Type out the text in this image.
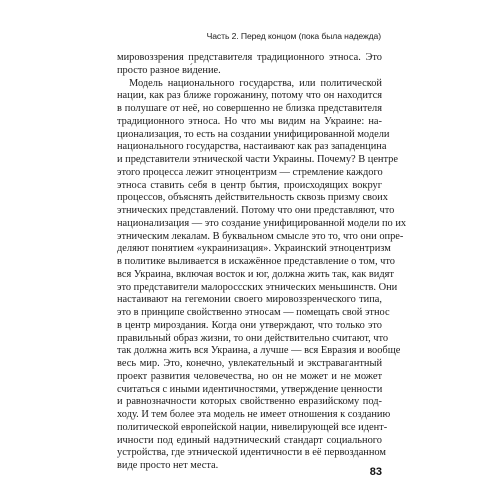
Часть 2. Перед концом (пока была надежда)
мировоззрения представителя традиционного этноса. Это
просто разное ви́дение.
Модель национального государства, или политической
нации, как раз ближе горожанину, потому что он находится
в полушаге от неё, но совершенно не близка представителя
традиционного этноса. Но что мы видим на Украине: на-
ционализация, то есть на создании унифицированной модели
национального государства, настаивают как раз западенцина
и представители этнической части Украины. Почему? В центре
этого процесса лежит этноцентризм — стремление каждого
этноса ставить себя в центр бытия, происходящих вокруг
процессов, объяснять действительность сквозь призму своих
этнических представлений. Потому что они представляют, что
национализация — это создание унифицированной модели по их
этническим лекалам. В буквальном смысле это то, что они опре-
деляют понятием «украинизация». Украинский этноцентризм
в политике выливается в искажённое представление о том, что
вся Украина, включая восток и юг, должна жить так, как видят
это представители малороссских этнических меньшинств. Они
настаивают на гегемонии своего мировоззренческого типа,
это в принципе свойственно этносам — помещать свой этнос
в центр мироздания. Когда они утверждают, что только это
правильный образ жизни, то они действительно считают, что
так должна жить вся Украина, а лучше — вся Евразия и вообще
весь мир. Это, конечно, увлекательный и экстравагантный
проект развития человечества, но он не может и не может
считаться с иными идентичностями, утверждение ценности
и равнозначности которых свойственно евразийскому под-
ходу. И тем более эта модель не имеет отношения к созданию
политической европейской нации, нивелирующей все идент-
ичности под единый надэтнический стандарт социального
устройства, где этнической идентичности в её первозданном
виде просто нет места.
83
